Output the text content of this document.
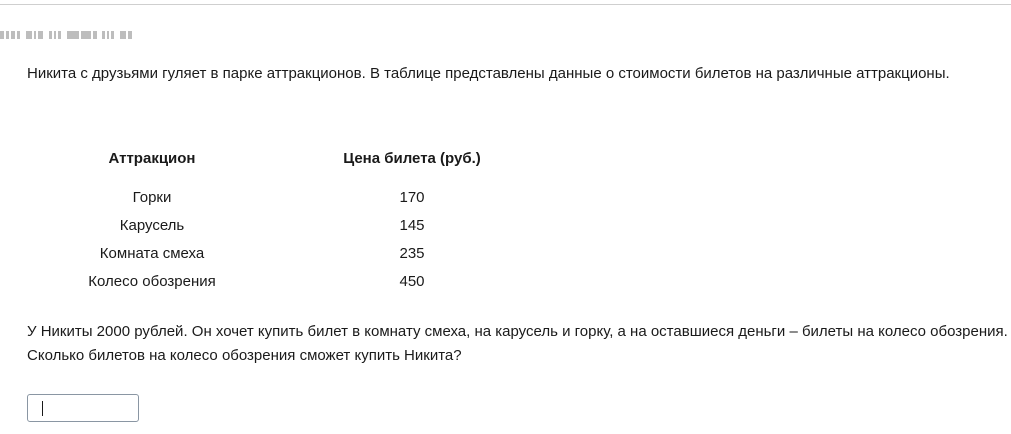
Никита с друзьями гуляет в парке аттракционов. В таблице представлены данные о стоимости билетов на различные аттракционы.
Аттракцион	Цена билета (руб.)

Горки	170
Карусель	145
Комната смеха	235
Колесо обозрения	450
У Никиты 2000 рублей. Он хочет купить билет в комнату смеха, на карусель и горку, а на оставшиеся деньги – билеты на колесо обозрения. Сколько билетов на колесо обозрения сможет купить Никита?
